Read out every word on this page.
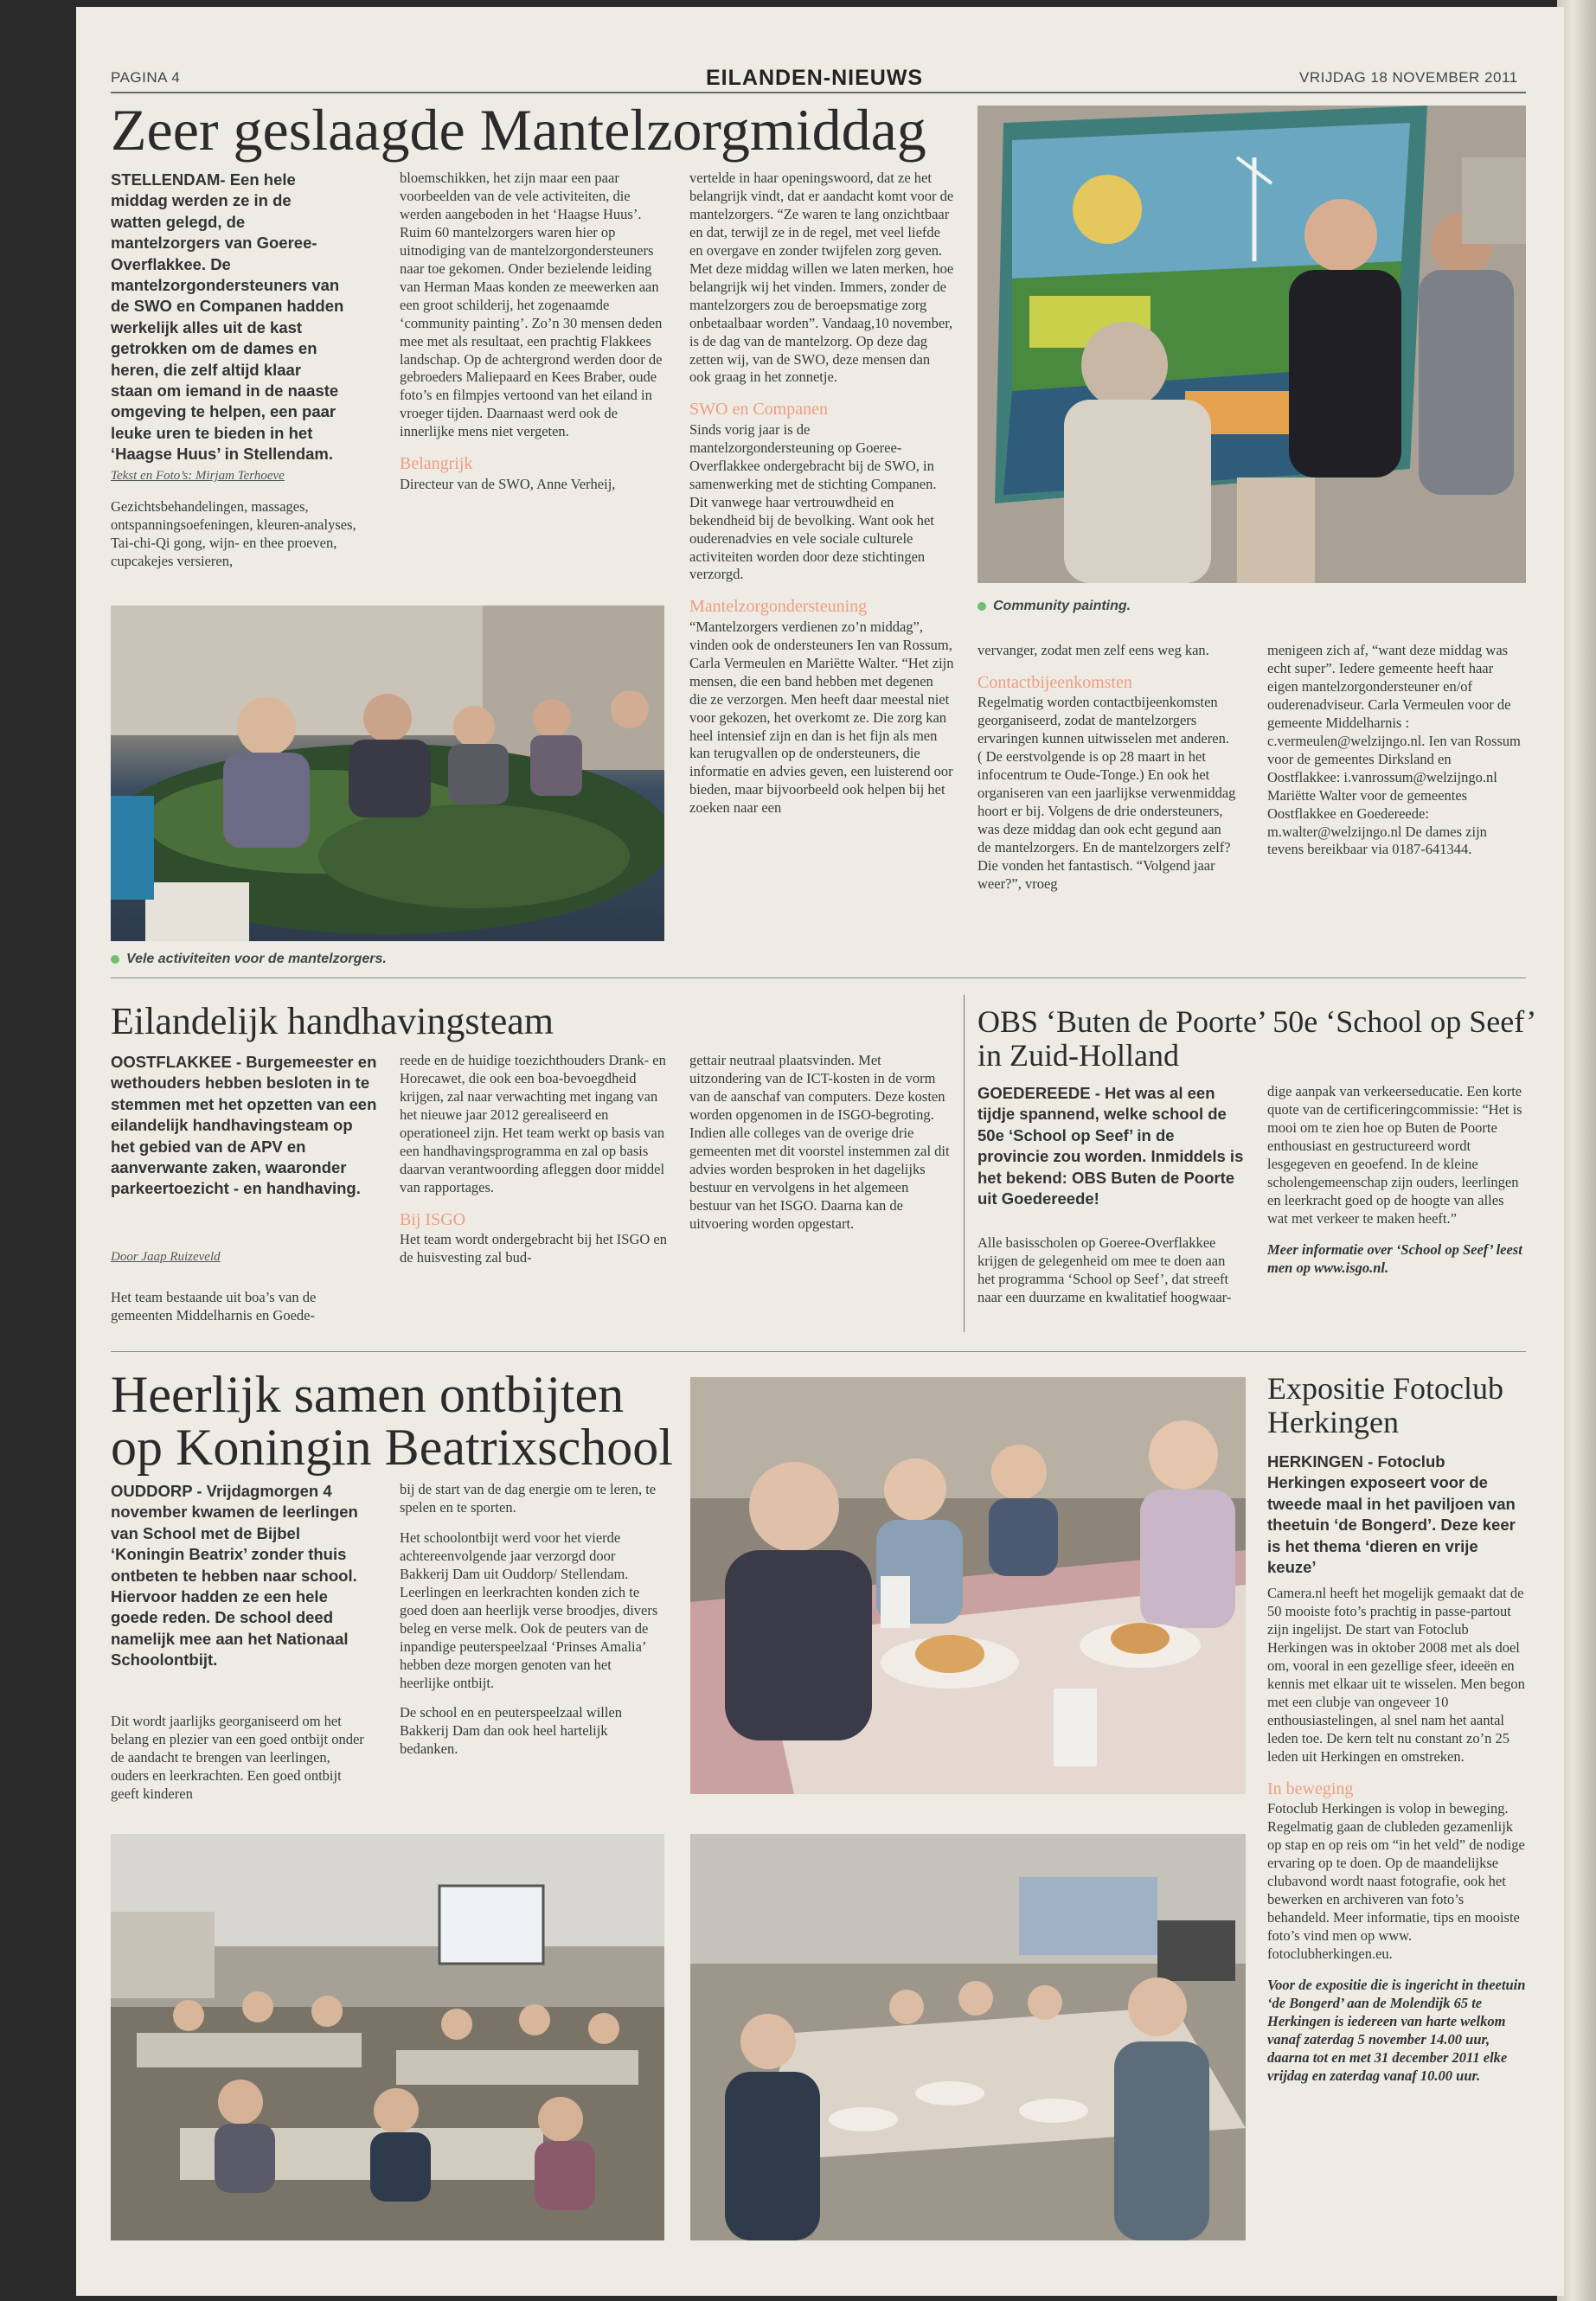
PAGINA 4	EILANDEN-NIEUWS	VRIJDAG 18 NOVEMBER 2011
Zeer geslaagde Mantelzorgmiddag
STELLENDAM- Een hele middag werden ze in de watten gelegd, de mantelzorgers van Goeree-Overflakkee. De mantelzorgondersteuners van de SWO en Companen hadden werkelijk alles uit de kast getrokken om de dames en heren, die zelf altijd klaar staan om iemand in de naaste omgeving te helpen, een paar leuke uren te bieden in het ‘Haagse Huus’ in Stellendam.
Tekst en Foto’s: Mirjam Terhoeve
Gezichtsbehandelingen, massages, ontspanningsoefeningen, kleuren-analyses, Tai-chi-Qi gong, wijn- en thee proeven, cupcakejes versieren,

bloemschikken, het zijn maar een paar voorbeelden van de vele activiteiten, die werden aangeboden in het ‘Haagse Huus’. Ruim 60 mantelzorgers waren hier op uitnodiging van de mantelzorgondersteuners naar toe gekomen. Onder bezielende leiding van Herman Maas konden ze meewerken aan een groot schilderij, het zogenaamde ‘community painting’. Zo’n 30 mensen deden mee met als resultaat, een prachtig Flakkees landschap. Op de achtergrond werden door de gebroeders Maliepaard en Kees Braber, oude foto’s en filmpjes vertoond van het eiland in vroeger tijden. Daarnaast werd ook de innerlijke mens niet vergeten.

Belangrijk

Directeur van de SWO, Anne Verheij,

vertelde in haar openingswoord, dat ze het belangrijk vindt, dat er aandacht komt voor de mantelzorgers. “Ze waren te lang onzichtbaar en dat, terwijl ze in de regel, met veel liefde en overgave en zonder twijfelen zorg geven. Met deze middag willen we laten merken, hoe belangrijk wij het vinden. Immers, zonder de mantelzorgers zou de beroepsmatige zorg onbetaalbaar worden”. Vandaag,10 november, is de dag van de mantelzorg. Op deze dag zetten wij, van de SWO, deze mensen dan ook graag in het zonnetje.

SWO en Companen

Sinds vorig jaar is de mantelzorgondersteuning op Goeree-Overflakkee ondergebracht bij de SWO, in samenwerking met de stichting Companen. Dit vanwege haar vertrouwdheid en bekendheid bij de bevolking. Want ook het ouderenadvies en vele sociale culturele activiteiten worden door deze stichtingen verzorgd.

Mantelzorgondersteuning

“Mantelzorgers verdienen zo’n middag”, vinden ook de ondersteuners Ien van Rossum, Carla Vermeulen en Mariëtte Walter. “Het zijn mensen, die een band hebben met degenen die ze verzorgen. Men heeft daar meestal niet voor gekozen, het overkomt ze. Die zorg kan heel intensief zijn en dan is het fijn als men kan terugvallen op de ondersteuners, die informatie en advies geven, een luisterend oor bieden, maar bijvoorbeeld ook helpen bij het zoeken naar een

Vele activiteiten voor de mantelzorgers.
Community painting.

vervanger, zodat men zelf eens weg kan.

Contactbijeenkomsten

Regelmatig worden contactbijeenkomsten georganiseerd, zodat de mantelzorgers ervaringen kunnen uitwisselen met anderen. ( De eerstvolgende is op 28 maart in het infocentrum te Oude-Tonge.) En ook het organiseren van een jaarlijkse verwenmiddag hoort er bij. Volgens de drie ondersteuners, was deze middag dan ook echt gegund aan de mantelzorgers. En de mantelzorgers zelf? Die vonden het fantastisch. “Volgend jaar weer?”, vroeg

menigeen zich af, “want deze middag was echt super”. Iedere gemeente heeft haar eigen mantelzorgondersteuner en/of ouderenadviseur. Carla Vermeulen voor de gemeente Middelharnis : c.vermeulen@welzijngo.nl. Ien van Rossum voor de gemeentes Dirksland en Oostflakkee: i.vanrossum@welzijngo.nl Mariëtte Walter voor de gemeentes Oostflakkee en Goedereede: m.walter@welzijngo.nl De dames zijn tevens bereikbaar via 0187-641344.
Eilandelijk handhavingsteam
OOSTFLAKKEE - Burgemeester en wethouders hebben besloten in te stemmen met het opzetten van een eilandelijk handhavingsteam op het gebied van de APV en aanverwante zaken, waaronder parkeertoezicht - en handhaving.
Door Jaap Ruizeveld
Het team bestaande uit boa’s van de gemeenten Middelharnis en Goede-

reede en de huidige toezichthouders Drank- en Horecawet, die ook een boa-bevoegdheid krijgen, zal naar verwachting met ingang van het nieuwe jaar 2012 gerealiseerd en operationeel zijn. Het team werkt op basis van een handhavingsprogramma en zal op basis daarvan verantwoording afleggen door middel van rapportages.

Bij ISGO

Het team wordt ondergebracht bij het ISGO en de huisvesting zal bud-

gettair neutraal plaatsvinden. Met uitzondering van de ICT-kosten in de vorm van de aanschaf van computers. Deze kosten worden opgenomen in de ISGO-begroting. Indien alle colleges van de overige drie gemeenten met dit voorstel instemmen zal dit advies worden besproken in het dagelijks bestuur en vervolgens in het algemeen bestuur van het ISGO. Daarna kan de uitvoering worden opgestart.
OBS ‘Buten de Poorte’ 50e ‘School op Seef’ in Zuid-Holland
GOEDEREEDE - Het was al een tijdje spannend, welke school de 50e ‘School op Seef’ in de provincie zou worden. Inmiddels is het bekend: OBS Buten de Poorte uit Goedereede!
Alle basisscholen op Goeree-Overflakkee krijgen de gelegenheid om mee te doen aan het programma ‘School op Seef’, dat streeft naar een duurzame en kwalitatief hoogwaar-

dige aanpak van verkeerseducatie. Een korte quote van de certificeringcommissie: “Het is mooi om te zien hoe op Buten de Poorte enthousiast en gestructureerd wordt lesgegeven en geoefend. In de kleine scholengemeenschap zijn ouders, leerlingen en leerkracht goed op de hoogte van alles wat met verkeer te maken heeft.”

Meer informatie over ‘School op Seef’ leest men op www.isgo.nl.

Heerlijk samen ontbijten op Koningin Beatrixschool
OUDDORP - Vrijdagmorgen 4 november kwamen de leerlingen van School met de Bijbel ‘Koningin Beatrix’ zonder thuis ontbeten te hebben naar school. Hiervoor hadden ze een hele goede reden. De school deed namelijk mee aan het Nationaal Schoolontbijt.
Dit wordt jaarlijks georganiseerd om het belang en plezier van een goed ontbijt onder de aandacht te brengen van leerlingen, ouders en leerkrachten. Een goed ontbijt geeft kinderen

bij de start van de dag energie om te leren, te spelen en te sporten.

Het schoolontbijt werd voor het vierde achtereenvolgende jaar verzorgd door Bakkerij Dam uit Ouddorp/ Stellendam. Leerlingen en leerkrachten konden zich te goed doen aan heerlijk verse broodjes, divers beleg en verse melk. Ook de peuters van de inpandige peuterspeelzaal ‘Prinses Amalia’ hebben deze morgen genoten van het heerlijke ontbijt.

De school en en peuterspeelzaal willen Bakkerij Dam dan ook heel hartelijk bedanken.

Expositie Fotoclub Herkingen
HERKINGEN - Fotoclub Herkingen exposeert voor de tweede maal in het paviljoen van theetuin ‘de Bongerd’. Deze keer is het thema ‘dieren en vrije keuze’

Camera.nl heeft het mogelijk gemaakt dat de 50 mooiste foto’s prachtig in passe-partout zijn ingelijst. De start van Fotoclub Herkingen was in oktober 2008 met als doel om, vooral in een gezellige sfeer, ideeën en kennis met elkaar uit te wisselen. Men begon met een clubje van ongeveer 10 enthousiastelingen, al snel nam het aantal leden toe. De kern telt nu constant zo’n 25 leden uit Herkingen en omstreken.

In beweging

Fotoclub Herkingen is volop in beweging. Regelmatig gaan de clubleden gezamenlijk op stap en op reis om “in het veld” de nodige ervaring op te doen. Op de maandelijkse clubavond wordt naast fotografie, ook het bewerken en archiveren van foto’s behandeld. Meer informatie, tips en mooiste foto’s vind men op www. fotoclubherkingen.eu.

Voor de expositie die is ingericht in theetuin ‘de Bongerd’ aan de Molendijk 65 te Herkingen is iedereen van harte welkom vanaf zaterdag 5 november 14.00 uur, daarna tot en met 31 december 2011 elke vrijdag en zaterdag vanaf 10.00 uur.
